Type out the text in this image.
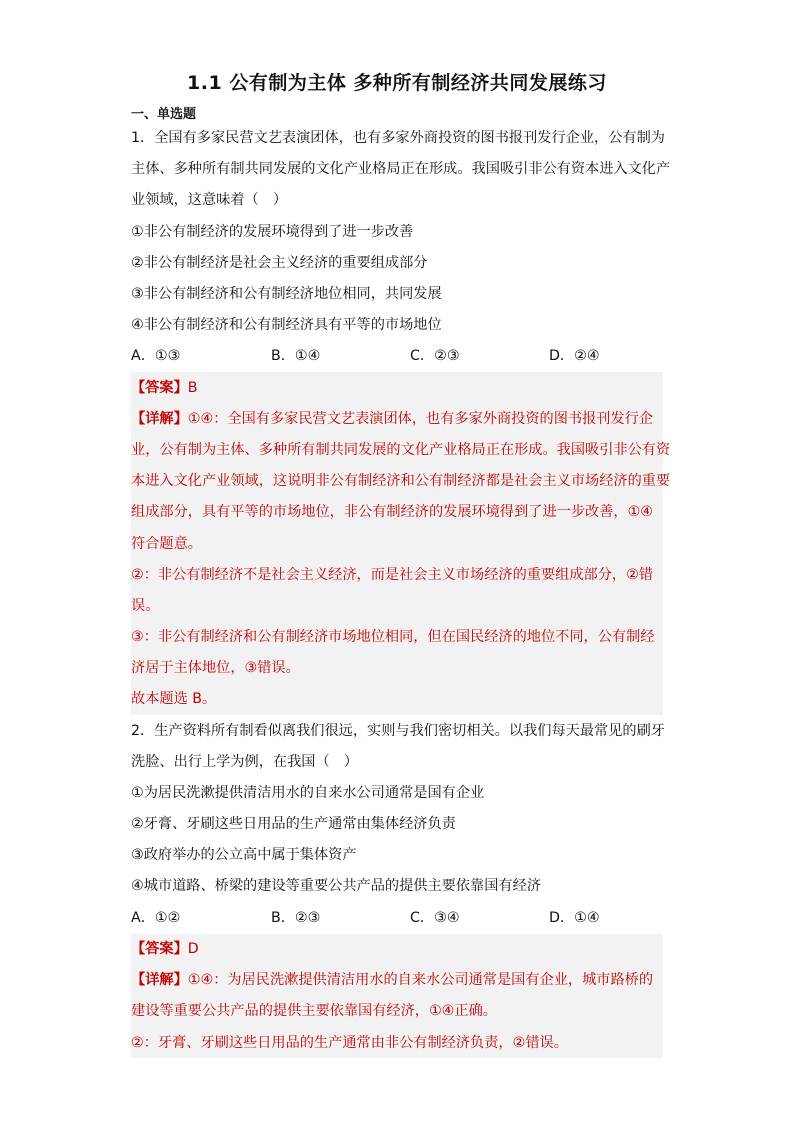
1.1 公有制为主体 多种所有制经济共同发展练习
一、单选题
1．全国有多家民营文艺表演团体，也有多家外商投资的图书报刊发行企业，公有制为
主体、多种所有制共同发展的文化产业格局正在形成。我国吸引非公有资本进入文化产
业领域，这意味着（　）
①非公有制经济的发展环境得到了进一步改善
②非公有制经济是社会主义经济的重要组成部分
③非公有制经济和公有制经济地位相同，共同发展
④非公有制经济和公有制经济具有平等的市场地位
A．①③	B．①④	C．②③	D．②④
【答案】B
【详解】①④：全国有多家民营文艺表演团体，也有多家外商投资的图书报刊发行企
业，公有制为主体、多种所有制共同发展的文化产业格局正在形成。我国吸引非公有资
本进入文化产业领域，这说明非公有制经济和公有制经济都是社会主义市场经济的重要
组成部分，具有平等的市场地位，非公有制经济的发展环境得到了进一步改善，①④
符合题意。
②：非公有制经济不是社会主义经济，而是社会主义市场经济的重要组成部分，②错
误。
③：非公有制经济和公有制经济市场地位相同，但在国民经济的地位不同，公有制经
济居于主体地位，③错误。
故本题选 B。
2．生产资料所有制看似离我们很远，实则与我们密切相关。以我们每天最常见的刷牙
洗脸、出行上学为例，在我国（　）
①为居民洗漱提供清洁用水的自来水公司通常是国有企业
②牙膏、牙刷这些日用品的生产通常由集体经济负责
③政府举办的公立高中属于集体资产
④城市道路、桥梁的建设等重要公共产品的提供主要依靠国有经济
A．①②	B．②③	C．③④	D．①④
【答案】D
【详解】①④：为居民洗漱提供清洁用水的自来水公司通常是国有企业，城市路桥的
建设等重要公共产品的提供主要依靠国有经济，①④正确。
②：牙膏、牙刷这些日用品的生产通常由非公有制经济负责，②错误。
